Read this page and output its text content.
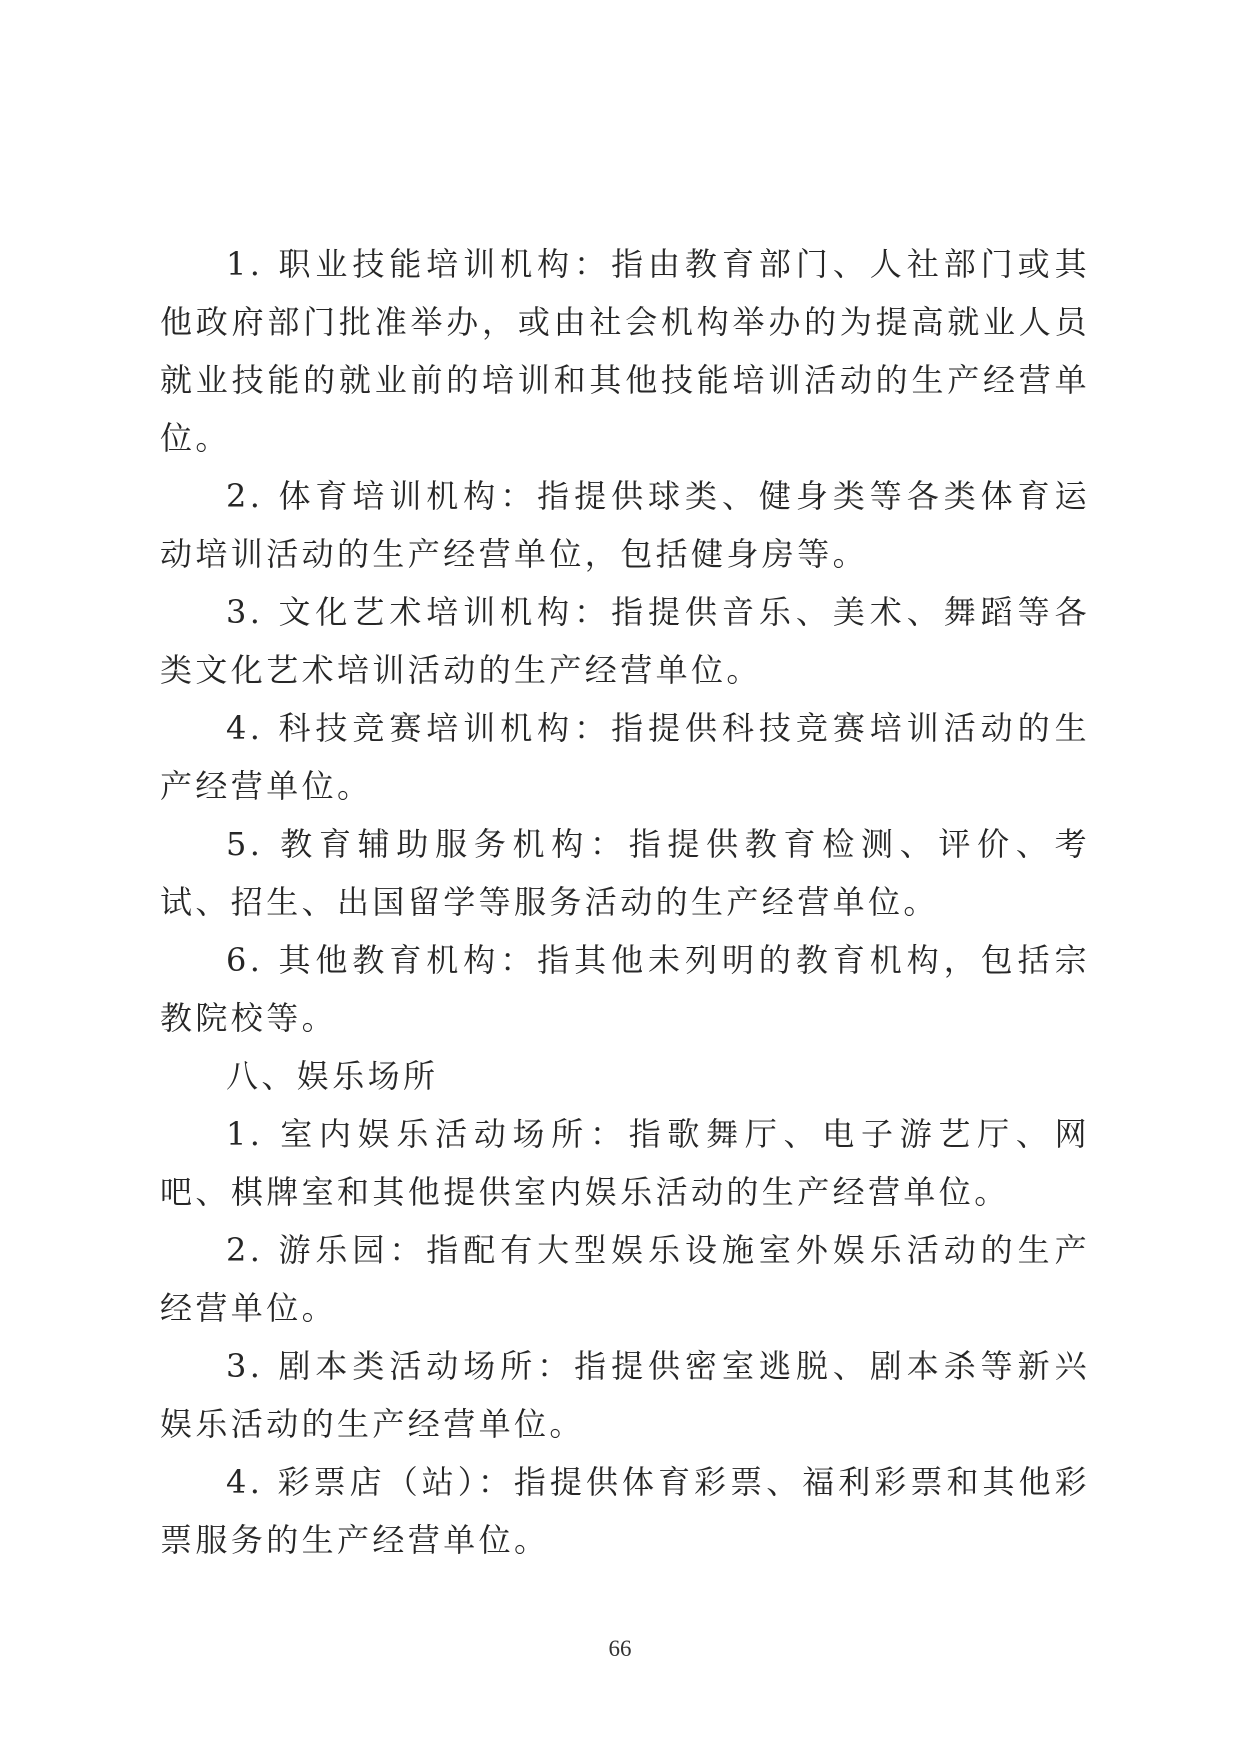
1. 职业技能培训机构：指由教育部门、人社部门或其他政府部门批准举办，或由社会机构举办的为提高就业人员就业技能的就业前的培训和其他技能培训活动的生产经营单位。

2. 体育培训机构：指提供球类、健身类等各类体育运动培训活动的生产经营单位，包括健身房等。

3. 文化艺术培训机构：指提供音乐、美术、舞蹈等各类文化艺术培训活动的生产经营单位。

4. 科技竞赛培训机构：指提供科技竞赛培训活动的生产经营单位。

5. 教育辅助服务机构：指提供教育检测、评价、考试、招生、出国留学等服务活动的生产经营单位。

6. 其他教育机构：指其他未列明的教育机构，包括宗教院校等。

八、娱乐场所

1. 室内娱乐活动场所：指歌舞厅、电子游艺厅、网吧、棋牌室和其他提供室内娱乐活动的生产经营单位。

2. 游乐园：指配有大型娱乐设施室外娱乐活动的生产经营单位。

3. 剧本类活动场所：指提供密室逃脱、剧本杀等新兴娱乐活动的生产经营单位。

4. 彩票店（站）：指提供体育彩票、福利彩票和其他彩票服务的生产经营单位。

66
